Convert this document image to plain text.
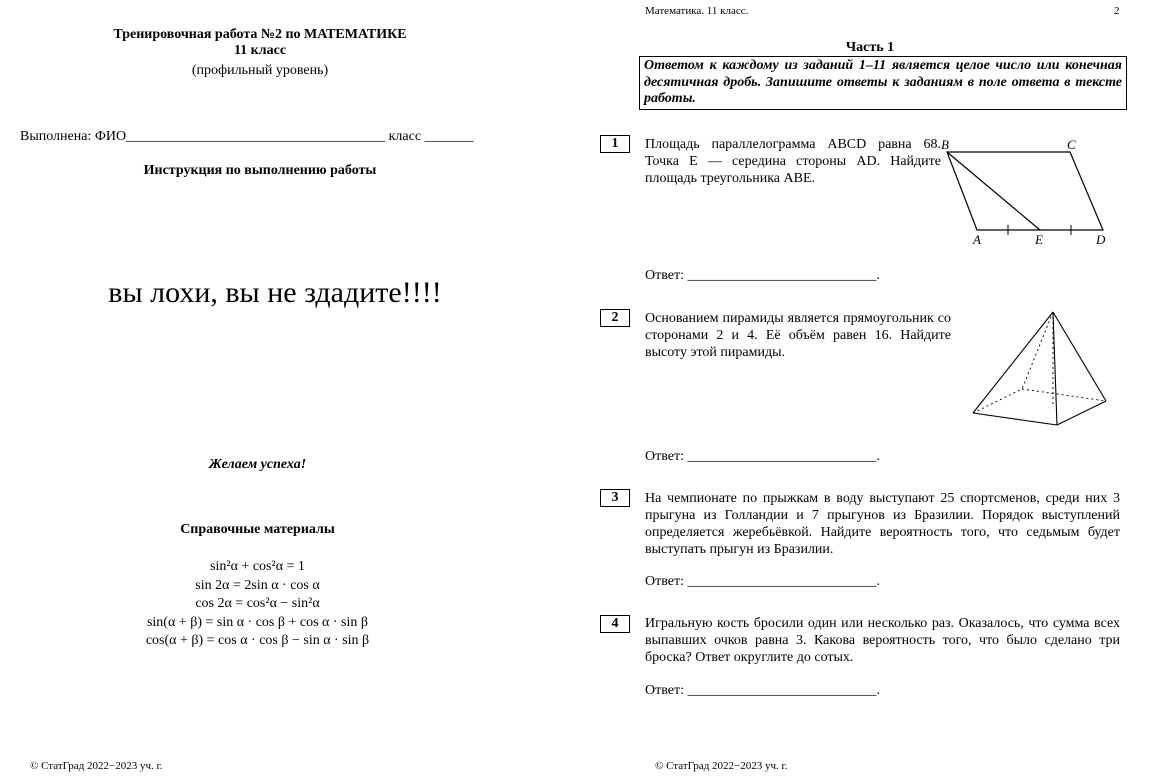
Тренировочная работа №2 по МАТЕМАТИКЕ
11 класс
(профильный уровень)
Выполнена: ФИО_____________________________________ класс _______
Инструкция по выполнению работы
вы лохи, вы не здадите!!!!
Желаем успеха!
Справочные материалы
sin²α + cos²α = 1
sin 2α = 2sin α · cos α
cos 2α = cos²α − sin²α
sin(α + β) = sin α · cos β + cos α · sin β
cos(α + β) = cos α · cos β − sin α · sin β
© СтатГрад 2022−2023 уч. г.
Математика. 11 класс.	2
Часть 1
Ответом к каждому из заданий 1–11 является целое число или конечная десятичная дробь. Запишите ответы к заданиям в поле ответа в тексте работы.
1	Площадь параллелограмма ABCD равна 68. Точка E — середина стороны AD. Найдите площадь треугольника ABE.
B	C
A	E	D
Ответ: ___________________________.
2	Основанием пирамиды является прямоугольник со сторонами 2 и 4. Её объём равен 16. Найдите высоту этой пирамиды.
Ответ: ___________________________.
3	На чемпионате по прыжкам в воду выступают 25 спортсменов, среди них 3 прыгуна из Голландии и 7 прыгунов из Бразилии. Порядок выступлений определяется жеребьёвкой. Найдите вероятность того, что седьмым будет выступать прыгун из Бразилии.
Ответ: ___________________________.
4	Игральную кость бросили один или несколько раз. Оказалось, что сумма всех выпавших очков равна 3. Какова вероятность того, что было сделано три броска? Ответ округлите до сотых.
Ответ: ___________________________.
© СтатГрад 2022−2023 уч. г.
